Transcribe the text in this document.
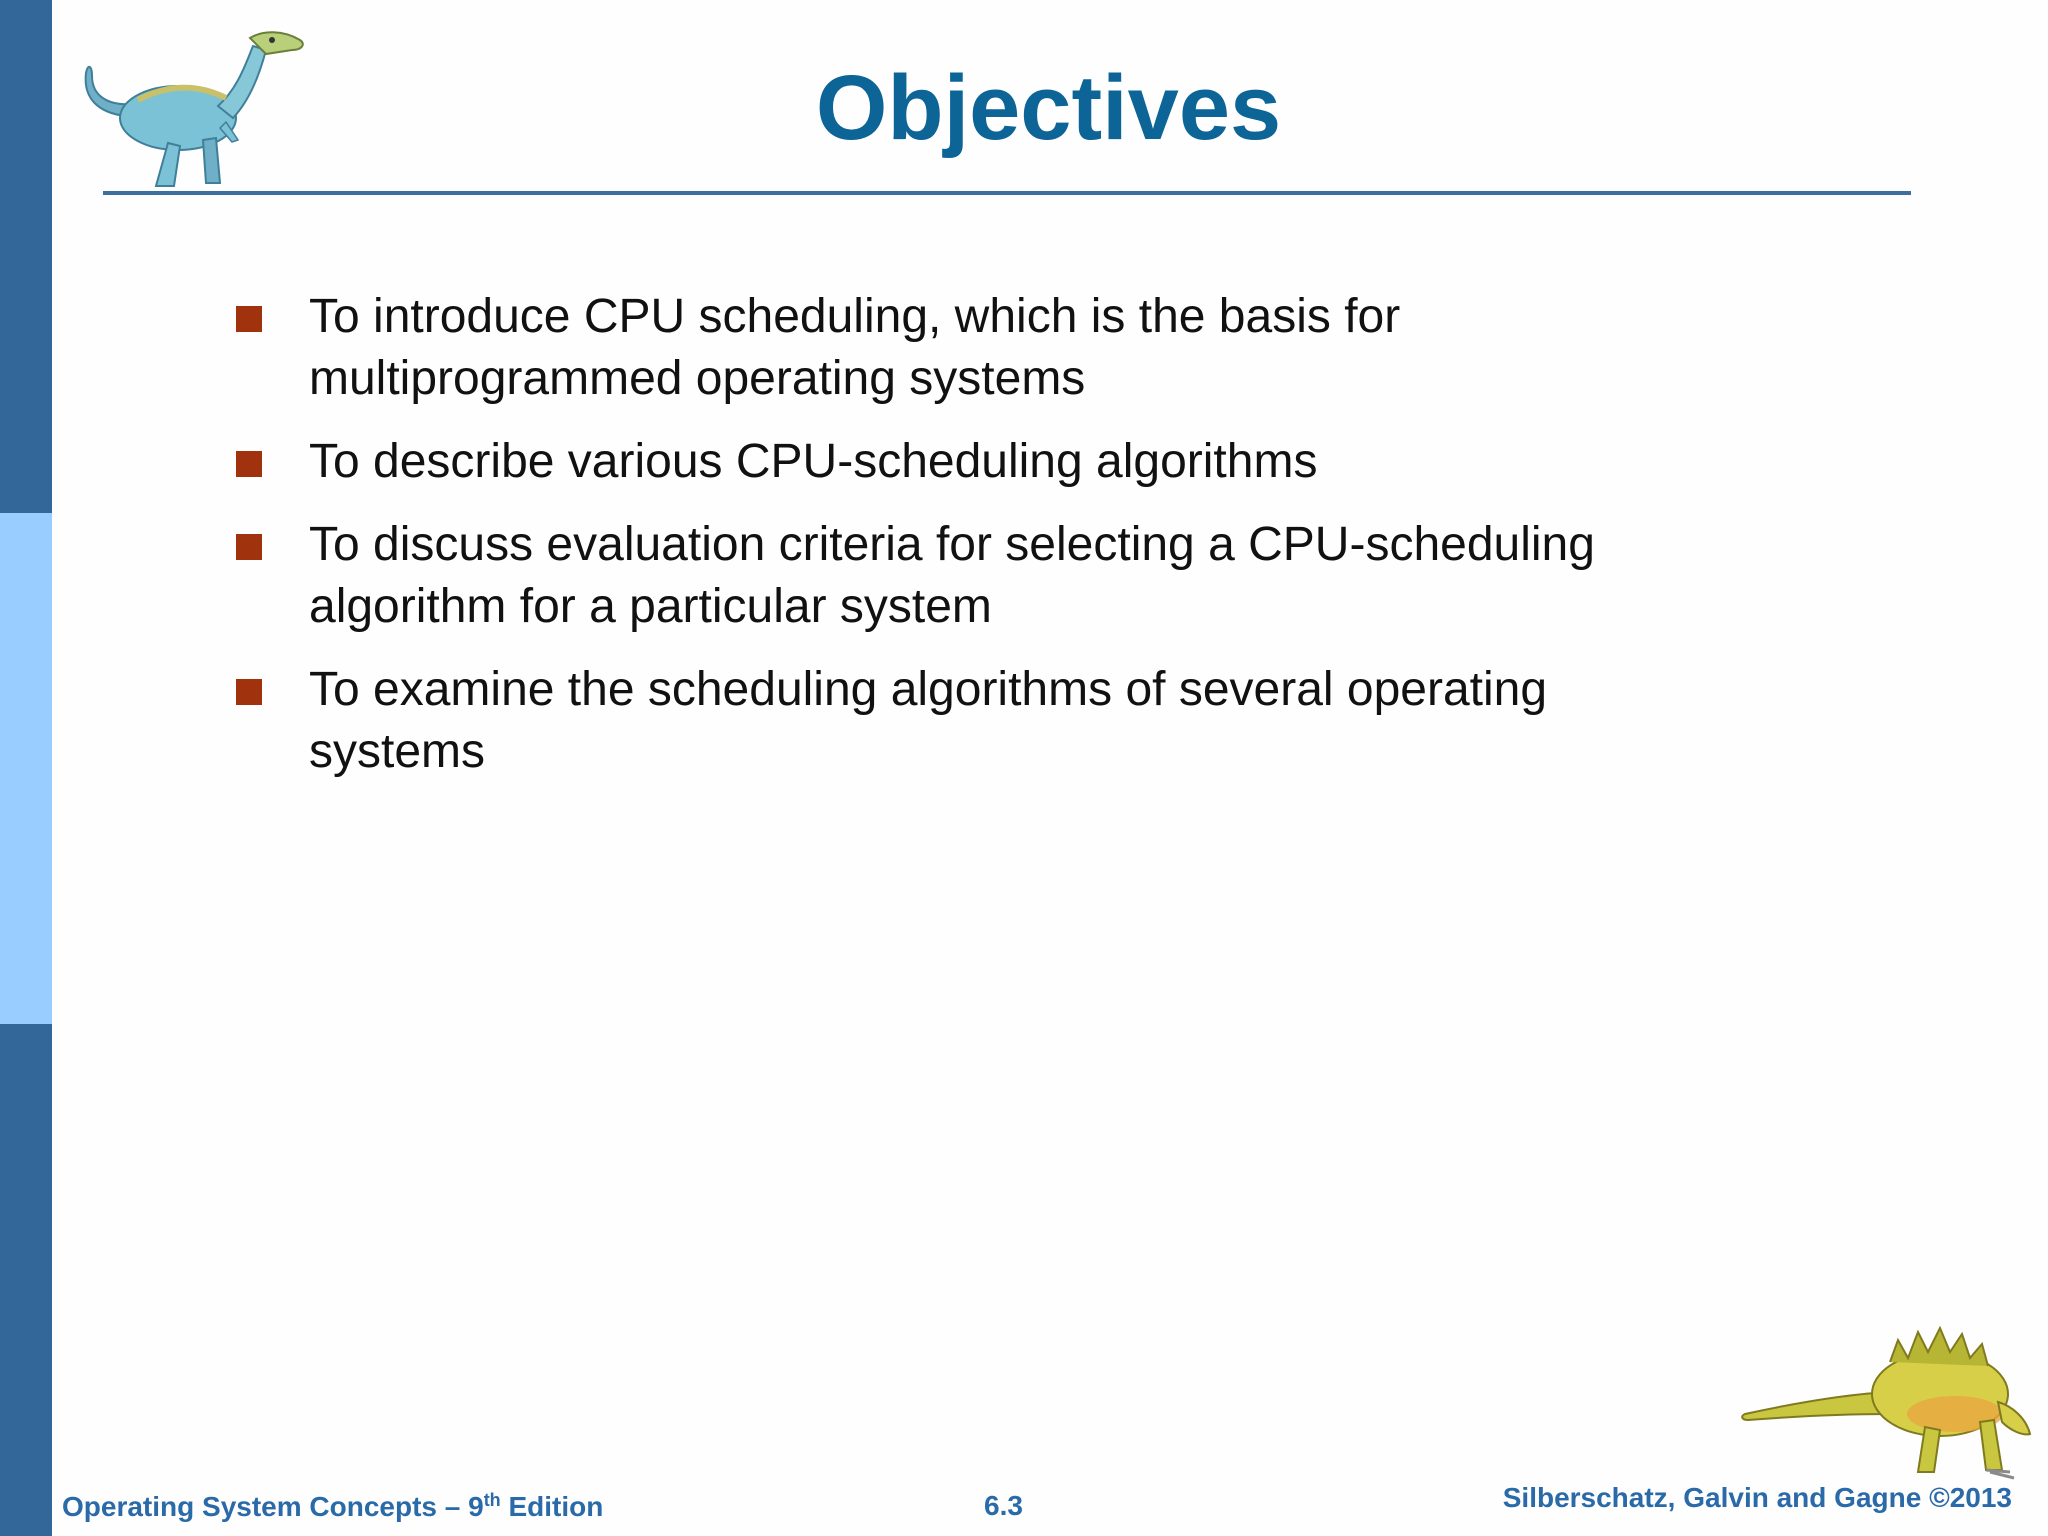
Objectives
To introduce CPU scheduling, which is the basis for
multiprogrammed operating systems
To describe various CPU-scheduling algorithms
To discuss evaluation criteria for selecting a CPU-scheduling
algorithm for a particular system
To examine the scheduling algorithms of several operating
systems
Operating System Concepts – 9th Edition	6.3	Silberschatz, Galvin and Gagne ©2013
